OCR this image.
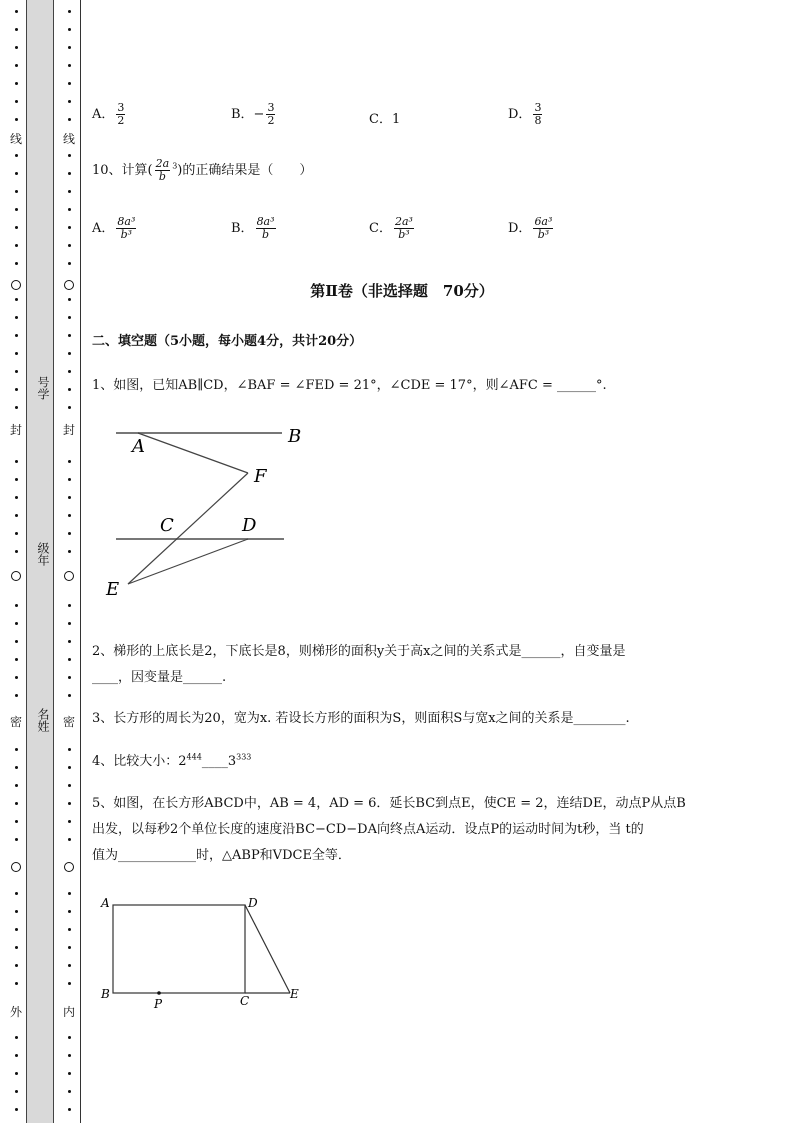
线
封
密
外
线
封
密
内
号学
级年
名姓
A． $\frac{3}{2}$	B．− $\frac{3}{2}$	C．1	D． $\frac{3}{8}$
10、计算( $\frac{2a}{b} ^3$)的正确结果是（　　）
A． $\frac{\text{8a³}}{\text{b³}}$	B． $\frac{\text{8a³}}{b}$	C． $\frac{\text{2a³}}{\text{b³}}$	D． $\frac{\text{6a³}}{\text{b³}}$
第Ⅱ卷（非选择题　70分）
二、填空题（5小题，每小题4分，共计20分）
1、如图，已知AB∥CD，∠BAF = ∠FED = 21°，∠CDE = 17°，则∠AFC = ______°.
A	B
F
C	D
E
2、梯形的上底长是2，下底长是8，则梯形的面积y关于高x之间的关系式是______，自变量是
____，因变量是______.
3、长方形的周长为20，宽为x. 若设长方形的面积为S，则面积S与宽x之间的关系是________.
4、比较大小：$2^{444}\_\_\_\_3^{333}$
5、如图，在长方形ABCD中，AB = 4，AD = 6．延长BC到点E，使CE = 2，连结DE，动点P从点B
出发，以每秒2个单位长度的速度沿BC−CD−DA向终点A运动．设点P的运动时间为t秒，当 t的
值为____________时，△ABP和VDCE全等．
A	D
B
P	C	E
